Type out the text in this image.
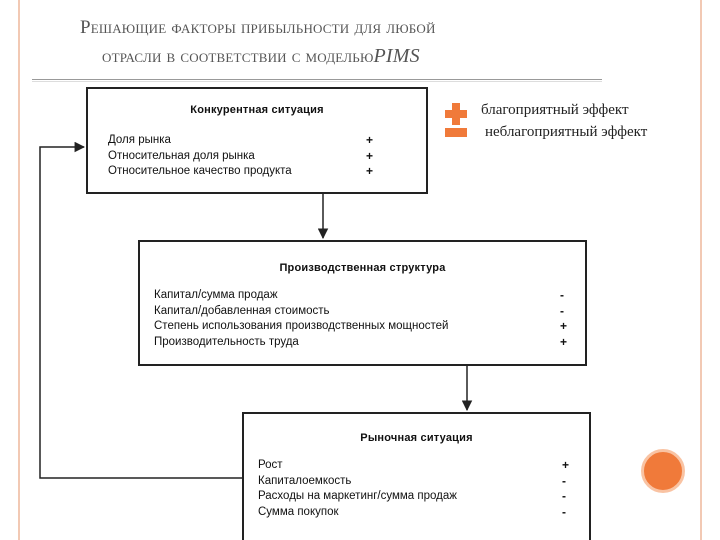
Решающие факторы прибыльности для любой
отрасли в соответствии с модельюPIMS
благоприятный эффект
неблагоприятный эффект
Конкурентная ситуация
Доля рынка	+
Относительная доля рынка	+
Относительное качество продукта	+
Производственная структура
Капитал/сумма продаж	-
Капитал/добавленная стоимость	-
Степень использования производственных мощностей	+
Производительность труда	+
Рыночная ситуация
Рост	+
Капиталоемкость	-
Расходы на маркетинг/сумма продаж	-
Сумма покупок	-
